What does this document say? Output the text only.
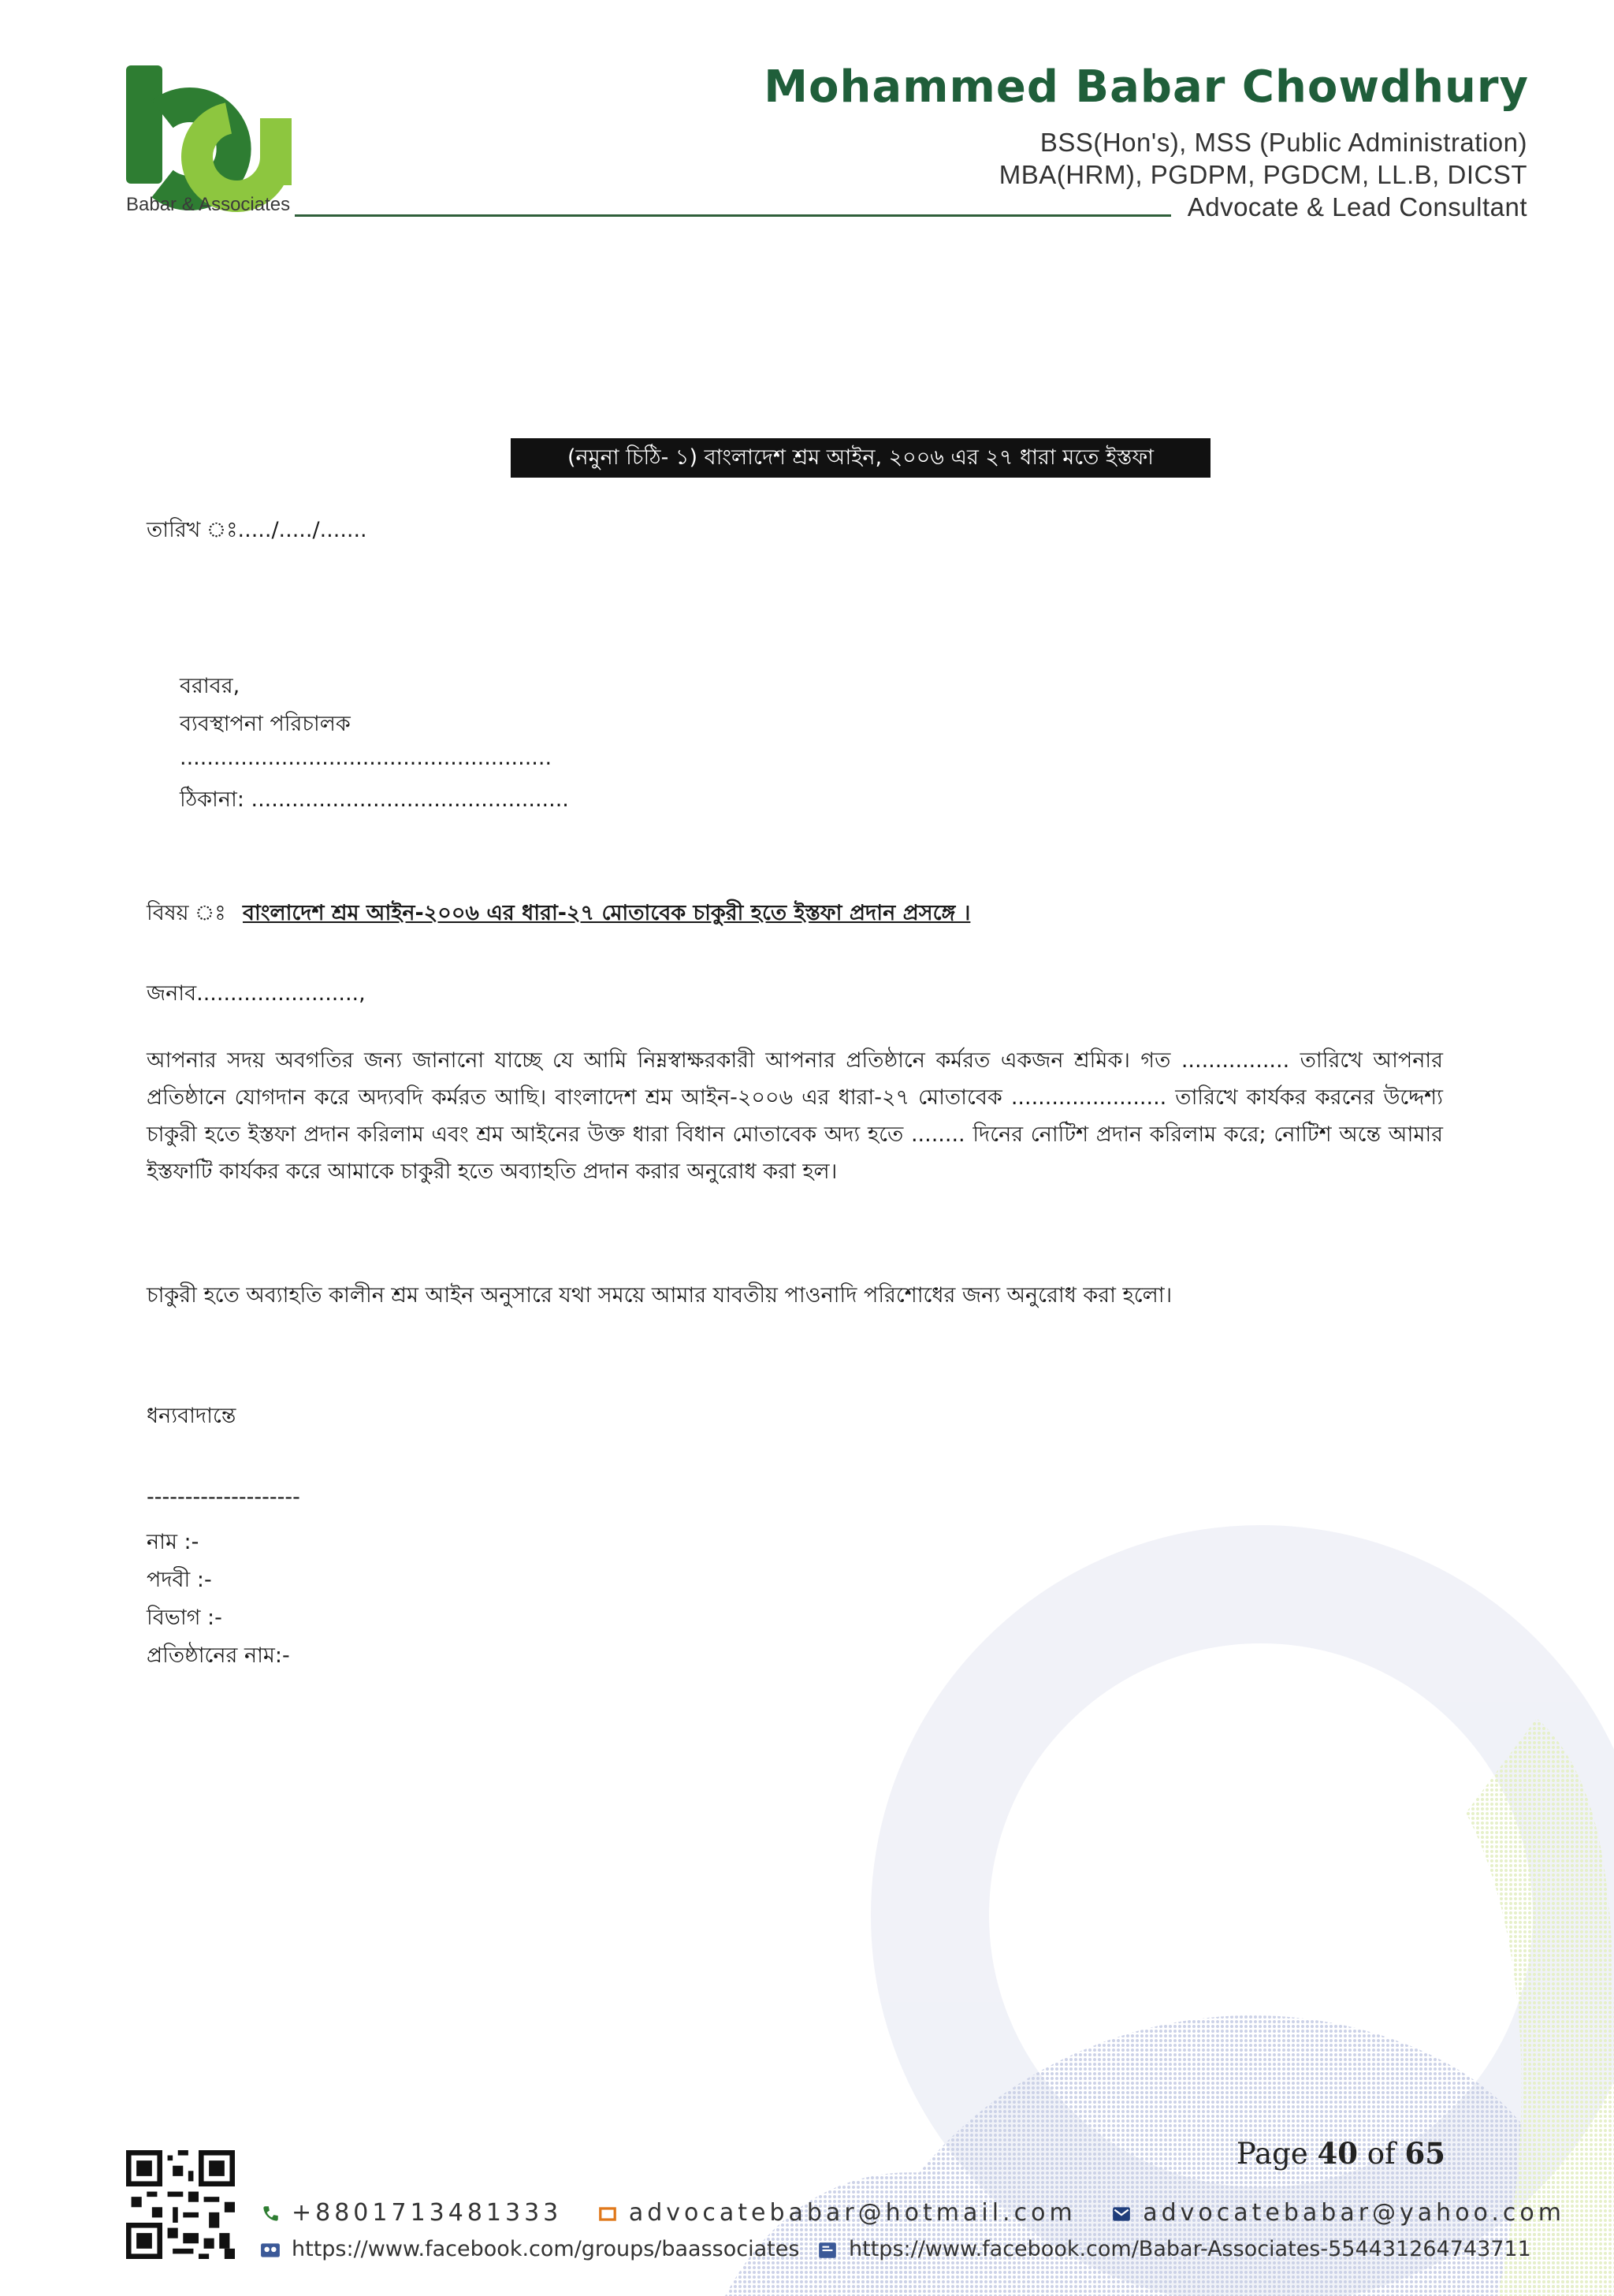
Babar & Associates
Mohammed Babar Chowdhury
BSS(Hon's), MSS (Public Administration)
MBA(HRM), PGDPM, PGDCM, LL.B, DICST
Advocate & Lead Consultant
(নমুনা চিঠি- ১) বাংলাদেশ শ্রম আইন, ২০০৬ এর ২৭ ধারা মতে ইস্তফা
তারিখ ঃ...../...../.......
বরাবর,
ব্যবস্থাপনা পরিচালক
.......................................................
ঠিকানা: ...............................................
বিষয় ঃ বাংলাদেশ শ্রম আইন-২০০৬ এর ধারা-২৭ মোতাবেক চাকুরী হতে ইস্তফা প্রদান প্রসঙ্গে ।
জনাব........................,
আপনার সদয় অবগতির জন্য জানানো যাচ্ছে যে আমি নিম্নস্বাক্ষরকারী আপনার প্রতিষ্ঠানে কর্মরত একজন শ্রমিক। গত ................ তারিখে আপনার প্রতিষ্ঠানে যোগদান করে অদ্যবদি কর্মরত আছি। বাংলাদেশ শ্রম আইন-২০০৬ এর ধারা-২৭ মোতাবেক ....................... তারিখে কার্যকর করনের উদ্দেশ্য চাকুরী হতে ইস্তফা প্রদান করিলাম এবং শ্রম আইনের উক্ত ধারা বিধান মোতাবেক অদ্য হতে ........ দিনের নোটিশ প্রদান করিলাম করে; নোটিশ অন্তে আমার ইস্তফাটি কার্যকর করে আমাকে চাকুরী হতে অব্যাহতি প্রদান করার অনুরোধ করা হল।
চাকুরী হতে অব্যাহতি কালীন শ্রম আইন অনুসারে যথা সময়ে আমার যাবতীয় পাওনাদি পরিশোধের জন্য অনুরোধ করা হলো।
ধন্যবাদান্তে
--------------------
নাম :-
পদবী :-
বিভাগ :-
প্রতিষ্ঠানের নাম:-
Page 40 of 65
+8801713481333	advocatebabar@hotmail.com	advocatebabar@yahoo.com
https://www.facebook.com/groups/baassociates https://www.facebook.com/Babar-Associates-554431264743711
